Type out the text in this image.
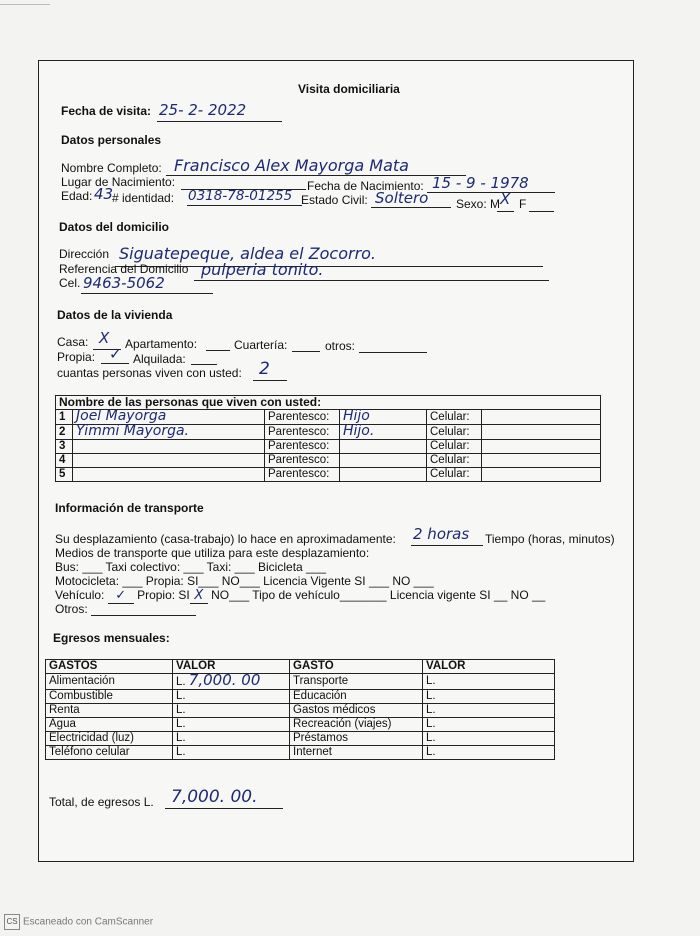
Visita domiciliaria
Fecha de visita: 25- 2- 2022
Datos personales
Nombre Completo: Francisco Alex Mayorga Mata
Lugar de Nacimiento:	Fecha de Nacimiento: 15 - 9 - 1978
Edad: 43
# identidad: 0318-78-01255 Estado Civil: Soltero Sexo: M X F
Datos del domicilio
Dirección Siguatepeque, aldea el Zocorro.
Referencia del Domicilio pulperia tonito.
Cel. 9463-5062
Datos de la vivienda
Casa: X Apartamento:	Cuartería:	otros:
Propia: ✓ Alquilada:
cuantas personas viven con usted: 2
Nombre de las personas que viven con usted:					
1	Joel Mayorga	Parentesco:	Hijo	Celular:	
2	Yimmi Mayorga.	Parentesco:	Hijo.	Celular:	
3		Parentesco:		Celular:	
4		Parentesco:		Celular:	
5		Parentesco:		Celular:	
Información de transporte
Su desplazamiento (casa-trabajo) lo hace en aproximadamente: 2 horas Tiempo (horas, minutos)
Medios de transporte que utiliza para este desplazamiento:
Bus: ___ Taxi colectivo: ___ Taxi: ___ Bicicleta ___
Motocicleta: ___ Propia: SI___ NO___ Licencia Vigente SI ___ NO ___
Vehículo: ✓ Propio: SI X NO___ Tipo de vehículo_______ Licencia vigente SI __ NO __
Otros:
Egresos mensuales:
GASTOS	VALOR	GASTO	VALOR
Alimentación	L. 7,000. 00	Transporte	L.
Combustible	L.	Educación	L.
Renta	L.	Gastos médicos	L.
Agua	L.	Recreación (viajes)	L.
Electricidad (luz)	L.	Préstamos	L.
Teléfono celular	L.	Internet	L.
Total, de egresos L. 7,000. 00.
CS Escaneado con CamScanner
